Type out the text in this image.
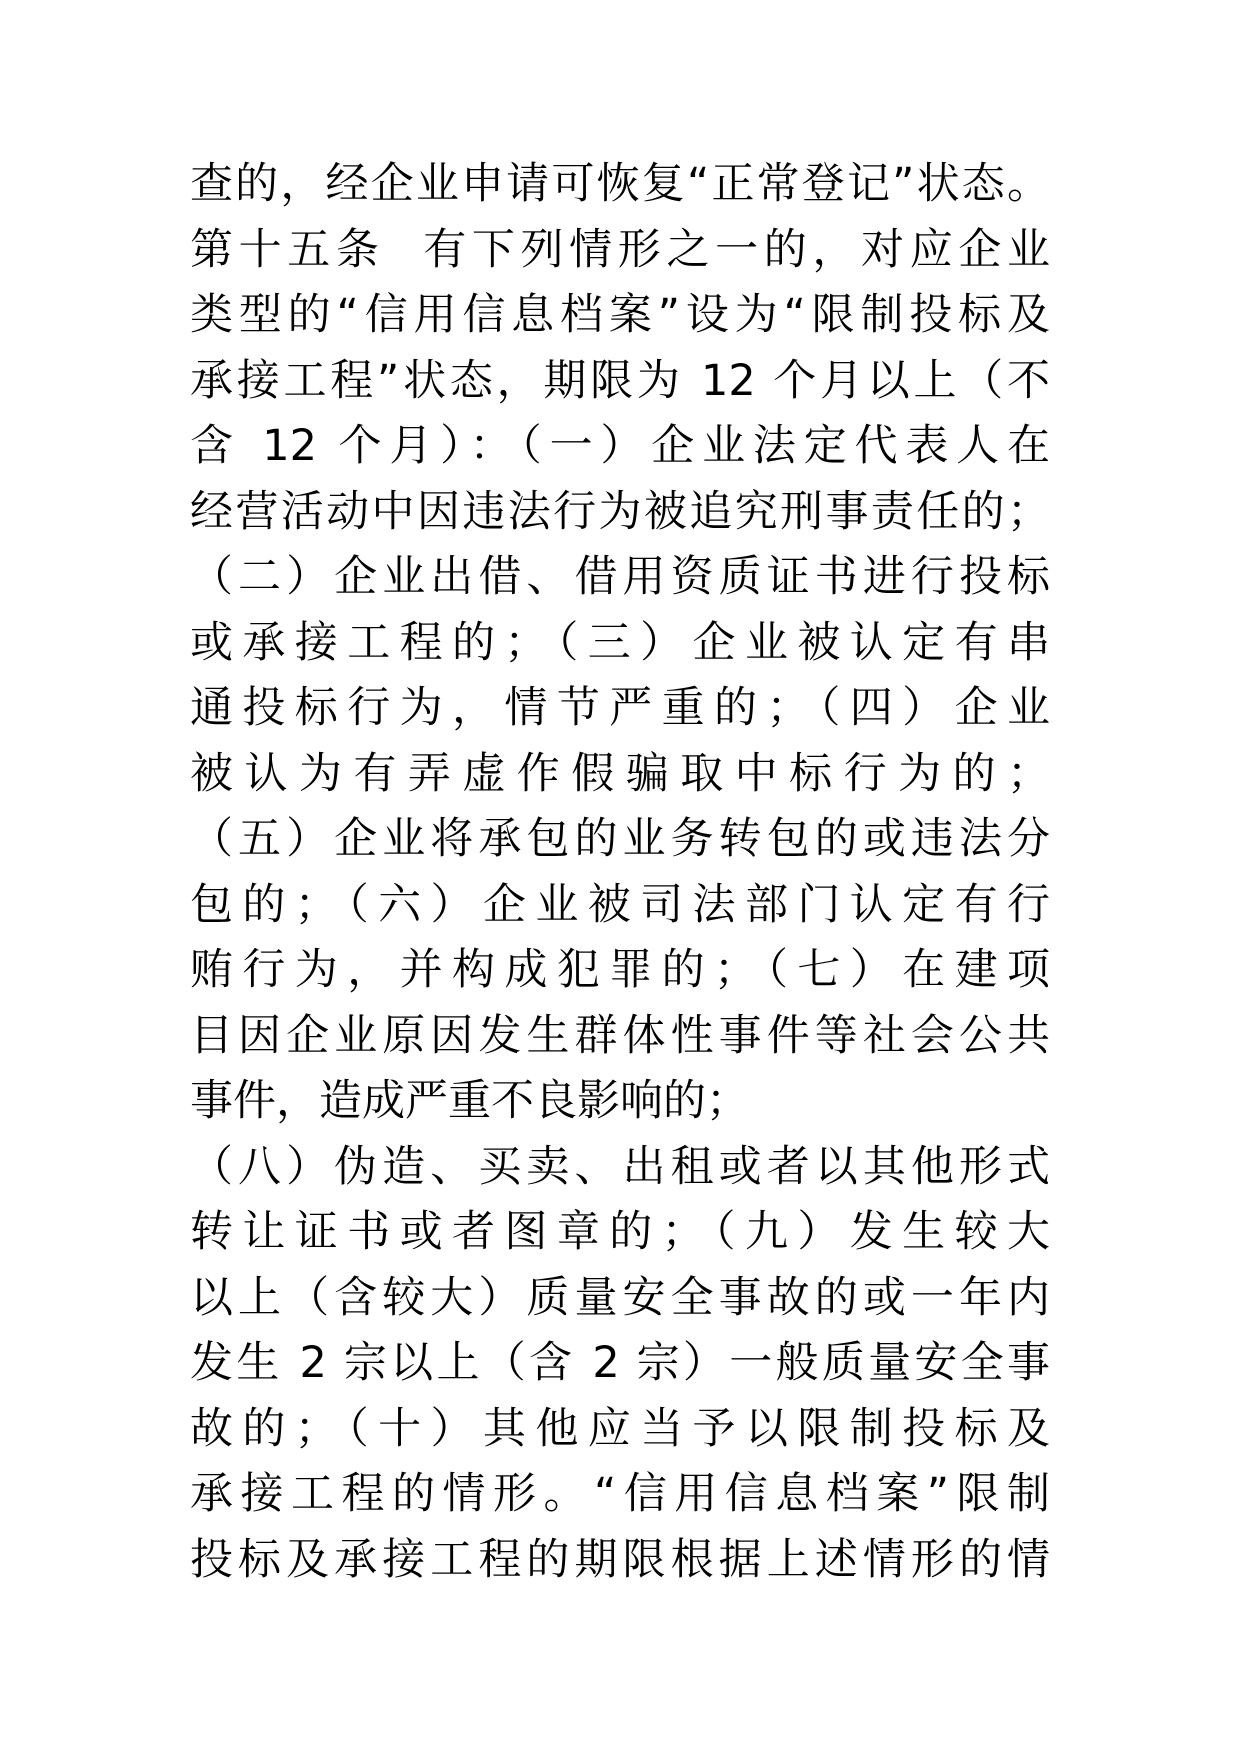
查的，经企业申请可恢复“正常登记”状态。
第十五条  有下列情形之一的，对应企业
类型的“信用信息档案”设为“限制投标及
承接工程”状态，期限为 12 个月以上（不
含 12 个月）：（一）企业法定代表人在
经营活动中因违法行为被追究刑事责任的；
（二）企业出借、借用资质证书进行投标
或承接工程的；（三）企业被认定有串
通投标行为，情节严重的；（四）企业
被认为有弄虚作假骗取中标行为的；
（五）企业将承包的业务转包的或违法分
包的；（六）企业被司法部门认定有行
贿行为，并构成犯罪的；（七）在建项
目因企业原因发生群体性事件等社会公共
事件，造成严重不良影响的；
（八）伪造、买卖、出租或者以其他形式
转让证书或者图章的；（九）发生较大
以上（含较大）质量安全事故的或一年内
发生 2 宗以上（含 2 宗）一般质量安全事
故的；（十）其他应当予以限制投标及
承接工程的情形。“信用信息档案”限制
投标及承接工程的期限根据上述情形的情
